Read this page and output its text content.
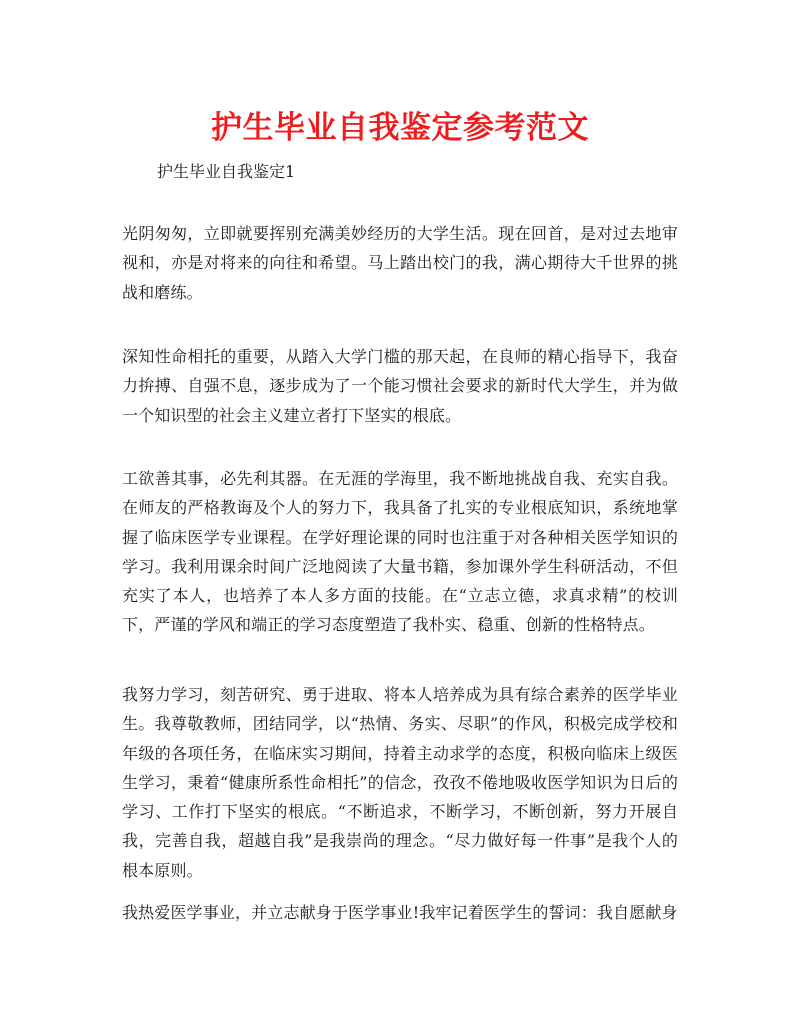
护生毕业自我鉴定参考范文

护生毕业自我鉴定1

光阴匆匆，立即就要挥别充满美妙经历的大学生活。现在回首，是对过去地审视和，亦是对将来的向往和希望。马上踏出校门的我，满心期待大千世界的挑战和磨练。

深知性命相托的重要，从踏入大学门槛的那天起，在良师的精心指导下，我奋力拚搏、自强不息，逐步成为了一个能习惯社会要求的新时代大学生，并为做一个知识型的社会主义建立者打下坚实的根底。

工欲善其事，必先利其器。在无涯的学海里，我不断地挑战自我、充实自我。在师友的严格教诲及个人的努力下，我具备了扎实的专业根底知识，系统地掌握了临床医学专业课程。在学好理论课的同时也注重于对各种相关医学知识的学习。我利用课余时间广泛地阅读了大量书籍，参加课外学生科研活动，不但充实了本人，也培养了本人多方面的技能。在“立志立德，求真求精”的校训下，严谨的学风和端正的学习态度塑造了我朴实、稳重、创新的性格特点。

我努力学习，刻苦研究、勇于进取、将本人培养成为具有综合素养的医学毕业生。我尊敬教师，团结同学，以“热情、务实、尽职”的作风，积极完成学校和年级的各项任务，在临床实习期间，持着主动求学的态度，积极向临床上级医生学习，秉着“健康所系性命相托”的信念，孜孜不倦地吸收医学知识为日后的学习、工作打下坚实的根底。“不断追求，不断学习，不断创新，努力开展自我，完善自我，超越自我”是我崇尚的理念。“尽力做好每一件事”是我个人的根本原则。

我热爱医学事业，并立志献身于医学事业!我牢记着医学生的誓词：我自愿献身
